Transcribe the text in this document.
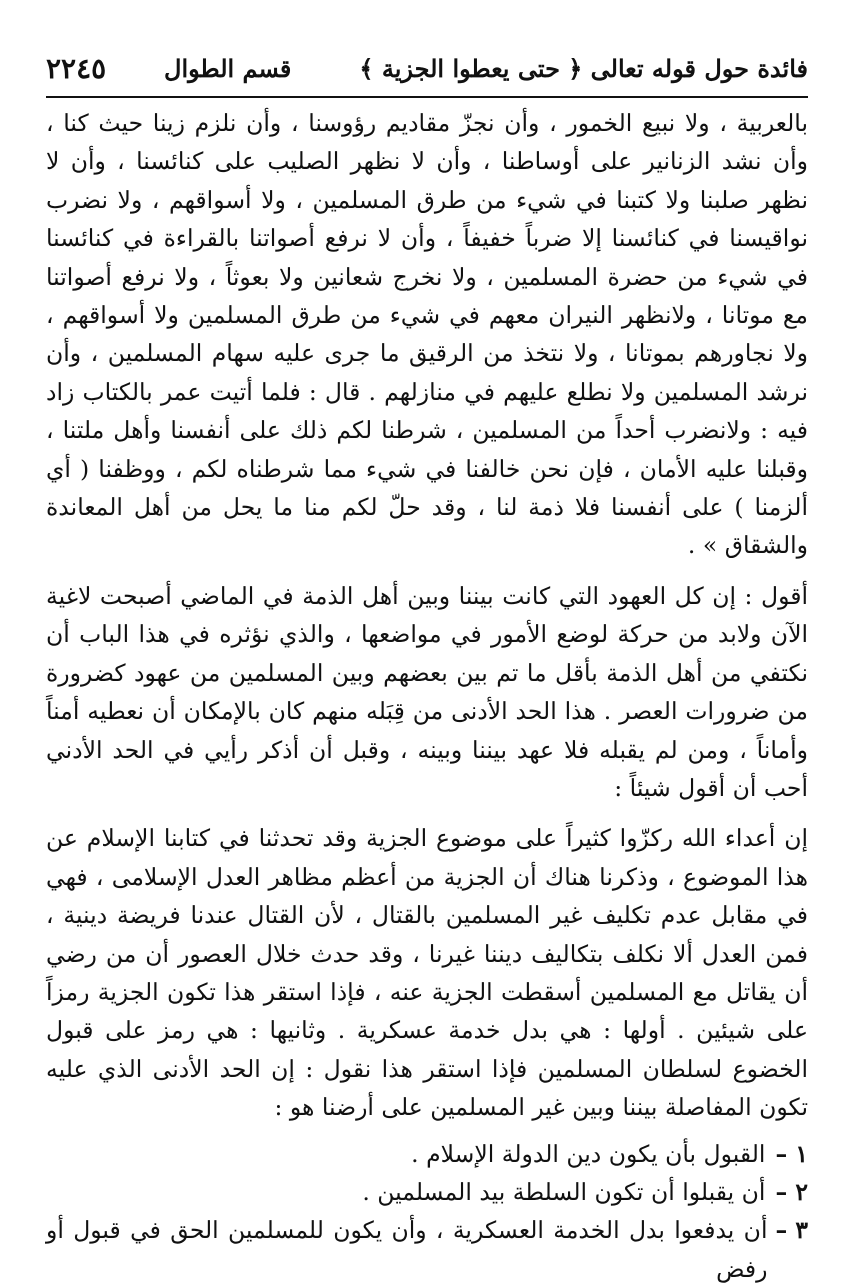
فائدة حول قوله تعالى ﴿ حتى يعطوا الجزية ﴾
قسم الطوال
٢٢٤٥

بالعربية ، ولا نبيع الخمور ، وأن نجزّ مقاديم رؤوسنا ، وأن نلزم زينا حيث كنا ، وأن نشد الزنانير على أوساطنا ، وأن لا نظهر الصليب على كنائسنا ، وأن لا نظهر صلبنا ولا كتبنا في شيء من طرق المسلمين ، ولا أسواقهم ، ولا نضرب نواقيسنا في كنائسنا إلا ضرباً خفيفاً ، وأن لا نرفع أصواتنا بالقراءة في كنائسنا في شيء من حضرة المسلمين ، ولا نخرج شعانين ولا بعوثاً ، ولا نرفع أصواتنا مع موتانا ، ولانظهر النيران معهم في شيء من طرق المسلمين ولا أسواقهم ، ولا نجاورهم بموتانا ، ولا نتخذ من الرقيق ما جرى عليه سهام المسلمين ، وأن نرشد المسلمين ولا نطلع عليهم في منازلهم . قال : فلما أتيت عمر بالكتاب زاد فيه : ولانضرب أحداً من المسلمين ، شرطنا لكم ذلك على أنفسنا وأهل ملتنا ، وقبلنا عليه الأمان ، فإن نحن خالفنا في شيء مما شرطناه لكم ، ووظفنا ( أي ألزمنا ) على أنفسنا فلا ذمة لنا ، وقد حلّ لكم منا ما يحل من أهل المعاندة والشقاق » .

أقول : إن كل العهود التي كانت بيننا وبين أهل الذمة في الماضي أصبحت لاغية الآن ولابد من حركة لوضع الأمور في مواضعها ، والذي نؤثره في هذا الباب أن نكتفي من أهل الذمة بأقل ما تم بين بعضهم وبين المسلمين من عهود كضرورة من ضرورات العصر . هذا الحد الأدنى من قِبَله منهم كان بالإمكان أن نعطيه أمناً وأماناً ، ومن لم يقبله فلا عهد بيننا وبينه ، وقبل أن أذكر رأيي في الحد الأدني أحب أن أقول شيئاً :

إن أعداء الله ركزّوا كثيراً على موضوع الجزية وقد تحدثنا في كتابنا الإسلام عن هذا الموضوع ، وذكرنا هناك أن الجزية من أعظم مظاهر العدل الإسلامى ، فهي في مقابل عدم تكليف غير المسلمين بالقتال ، لأن القتال عندنا فريضة دينية ، فمن العدل ألا نكلف بتكاليف ديننا غيرنا ، وقد حدث خلال العصور أن من رضي أن يقاتل مع المسلمين أسقطت الجزية عنه ، فإذا استقر هذا تكون الجزية رمزاً على شيئين . أولها : هي بدل خدمة عسكرية . وثانيها : هي رمز على قبول الخضوع لسلطان المسلمين فإذا استقر هذا نقول : إن الحد الأدنى الذي عليه تكون المفاصلة بيننا وبين غير المسلمين على أرضنا هو :

١ –
القبول بأن يكون دين الدولة الإسلام .
٢ –
أن يقبلوا أن تكون السلطة بيد المسلمين .
٣ –
أن يدفعوا بدل الخدمة العسكرية ، وأن يكون للمسلمين الحق في قبول أو رفض
